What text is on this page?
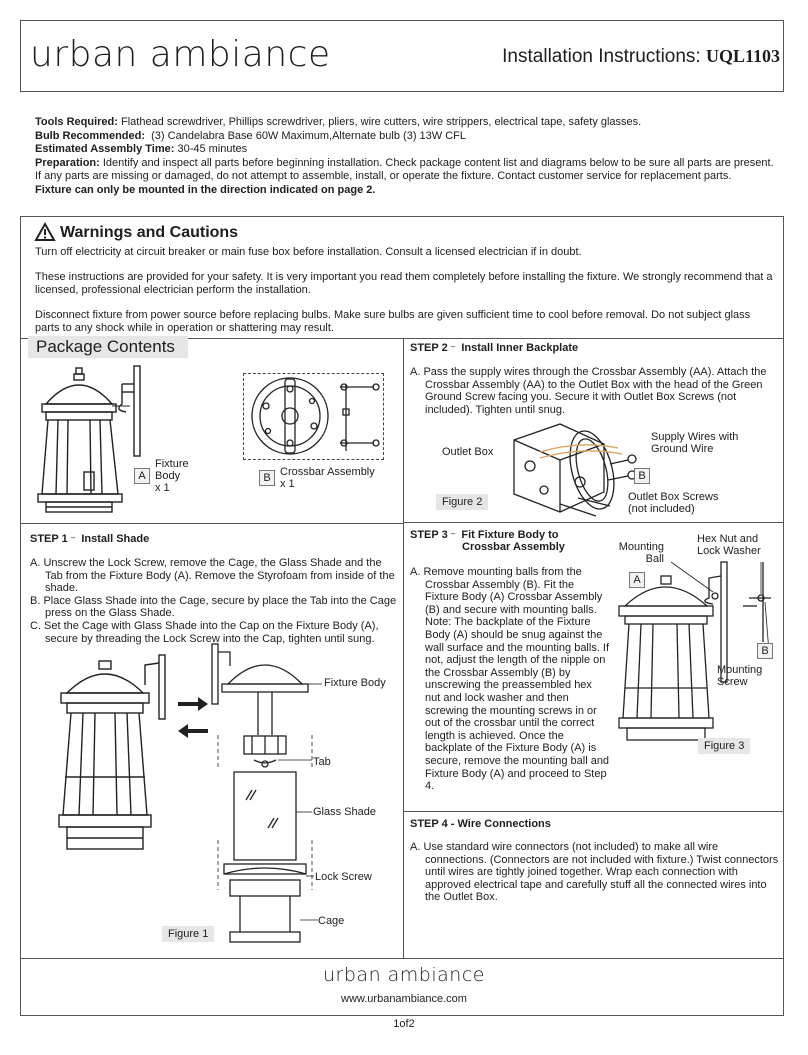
urban ambiance	Installation Instructions: UQL1103

Tools Required: Flathead screwdriver, Phillips screwdriver, pliers, wire cutters, wire strippers, electrical tape, safety glasses.

Bulb Recommended: (3) Candelabra Base 60W Maximum,Alternate bulb (3) 13W CFL

Estimated Assembly Time: 30-45 minutes

Preparation: Identify and inspect all parts before beginning installation. Check package content list and diagrams below to be sure all parts are present. If any parts are missing or damaged, do not attempt to assemble, install, or operate the fixture. Contact customer service for replacement parts.

Fixture can only be mounted in the direction indicated on page 2.

Warnings and Cautions

Turn off electricity at circuit breaker or main fuse box before installation. Consult a licensed electrician if in doubt.

These instructions are provided for your safety. It is very important you read them completely before installing the fixture. We strongly recommend that a licensed, professional electrician perform the installation.

Disconnect fixture from power source before replacing bulbs. Make sure bulbs are given sufficient time to cool before removal. Do not subject glass parts to any shock while in operation or shattering may result.

Package Contents
A
Fixture
Body
x 1
B Crossbar Assembly
x 1
STEP 1 – Install Shade

A. Unscrew the Lock Screw, remove the Cage, the Glass Shade and the Tab from the Fixture Body (A). Remove the Styrofoam from inside of the shade.

B. Place Glass Shade into the Cage, secure by place the Tab into the Cage press on the Glass Shade.

C. Set the Cage with Glass Shade into the Cap on the Fixture Body (A), secure by threading the Lock Screw into the Cap, tighten until sung.

Fixture Body
Tab
Glass Shade
Lock Screw
Cage
Figure 1
STEP 2 – Install Inner Backplate

A. Pass the supply wires through the Crossbar Assembly (AA). Attach the Crossbar Assembly (AA) to the Outlet Box with the head of the Green Ground Screw facing you. Secure it with Outlet Box Screws (not included). Tighten until snug.

Outlet Box
Supply Wires with
Ground Wire
B
Outlet Box Screws
(not included)
Figure 2
STEP 3 – Fit Fixture Body to
Crossbar Assembly

A. Remove mounting balls from the Crossbar Assembly (B). Fit the Fixture Body (A) Crossbar Assembly (B) and secure with mounting balls. Note: The backplate of the Fixture Body (A) should be snug against the wall surface and the mounting balls. If not, adjust the length of the nipple on the Crossbar Assembly (B) by unscrewing the preassembled hex nut and lock washer and then screwing the mounting screws in or out of the crossbar until the correct length is achieved. Once the backplate of the Fixture Body (A) is secure, remove the mounting ball and Fixture Body (A) and proceed to Step 4.

Mounting
Ball
Hex Nut and
Lock Washer
A
B
Mounting
Screw
Figure 3
STEP 4 - Wire Connections

A. Use standard wire connectors (not included) to make all wire connections. (Connectors are not included with fixture.) Twist connectors until wires are tightly joined together. Wrap each connection with approved electrical tape and carefully stuff all the connected wires into the Outlet Box.

urban ambiance
www.urbanambiance.com
1of2
